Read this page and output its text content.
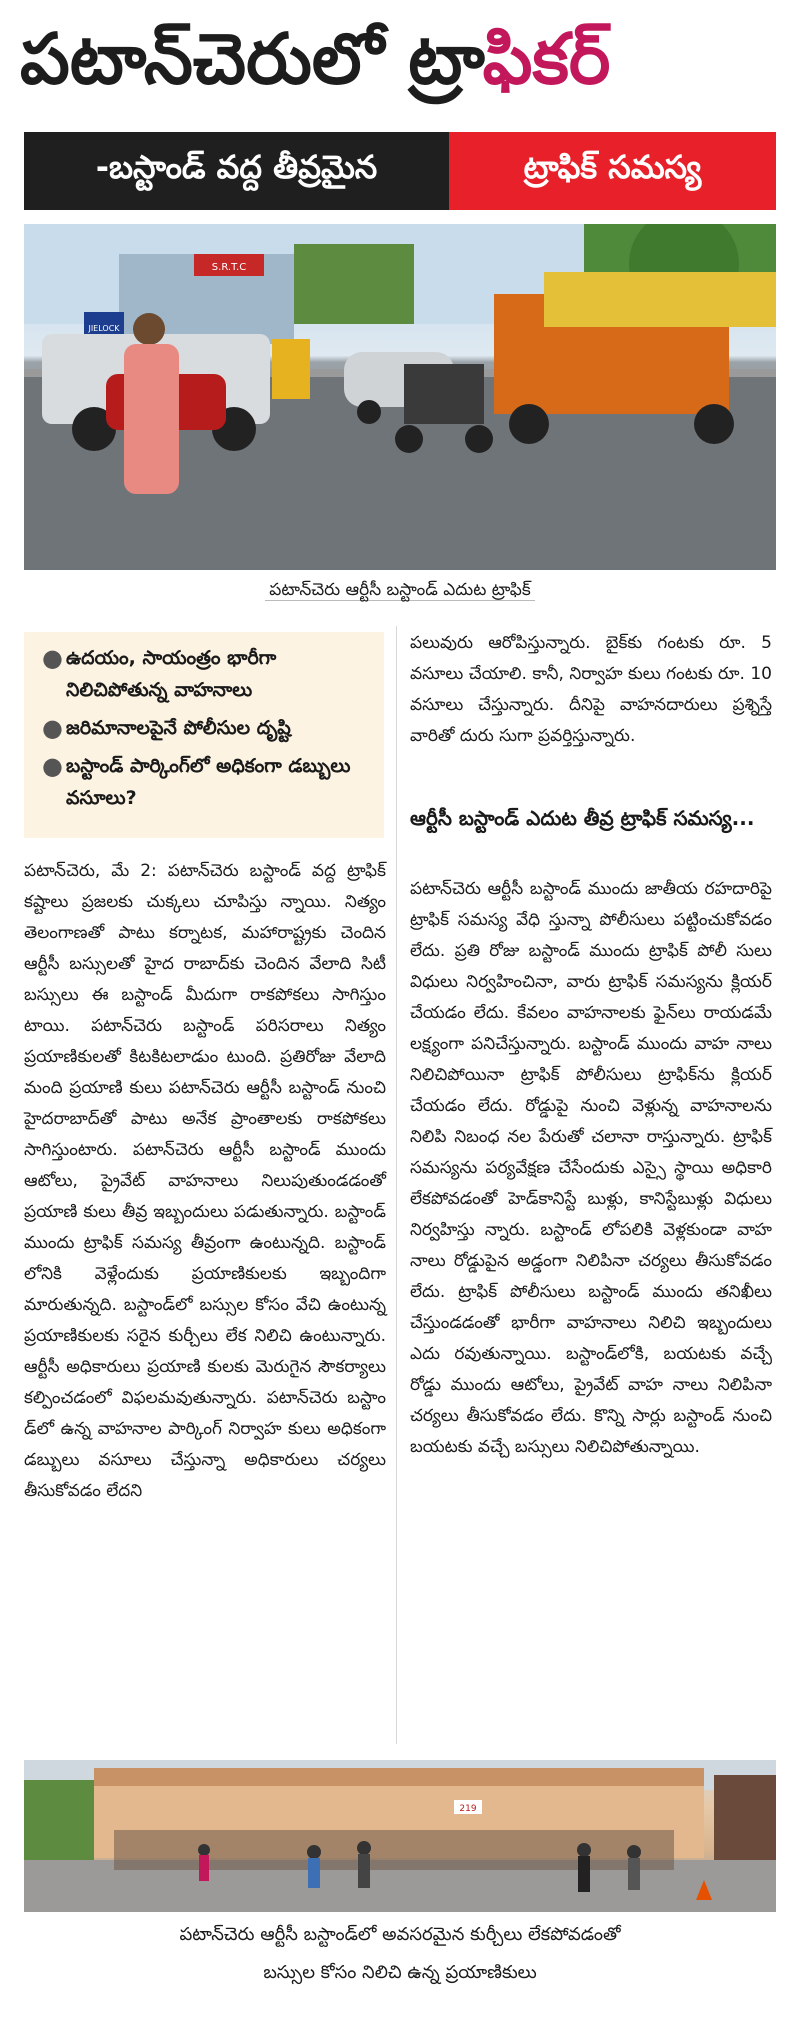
పటాన్‌చెరులో ట్రాఫికర్
-బస్టాండ్ వద్ద తీవ్రమైన	ట్రాఫిక్ సమస్య
S.R.T.C
JIELOCK
పటాన్‌చెరు ఆర్టీసీ బస్టాండ్ ఎదుట ట్రాఫిక్
● ఉదయం, సాయంత్రం భారీగా నిలిచిపోతున్న వాహనాలు
● జరిమానాలపైనే పోలీసుల దృష్టి
● బస్టాండ్ పార్కింగ్‌లో అధికంగా డబ్బులు వసూలు?

పటాన్‌చెరు, మే 2: పటాన్‌చెరు బస్టాండ్ వద్ద ట్రాఫిక్ కష్టాలు ప్రజలకు చుక్కలు చూపిస్తు న్నాయి. నిత్యం తెలంగాణతో పాటు కర్నాటక, మహారాష్ట్రకు చెందిన ఆర్టీసీ బస్సులతో హైద రాబాద్‌కు చెందిన వేలాది సిటీ బస్సులు ఈ బస్టాండ్ మీదుగా రాకపోకలు సాగిస్తుం టాయి. పటాన్‌చెరు బస్టాండ్ పరిసరాలు నిత్యం ప్రయాణికులతో కిటకిటలాడుం టుంది. ప్రతిరోజు వేలాది మంది ప్రయాణి కులు పటాన్‌చెరు ఆర్టీసీ బస్టాండ్ నుంచి హైదరాబాద్‌తో పాటు అనేక ప్రాంతాలకు రాకపోకలు సాగిస్తుంటారు. పటాన్‌చెరు ఆర్టీసీ బస్టాండ్ ముందు ఆటోలు, ప్రైవేట్ వాహనాలు నిలుపుతుండడంతో ప్రయాణి కులు తీవ్ర ఇబ్బందులు పడుతున్నారు. బస్టాండ్ ముందు ట్రాఫిక్ సమస్య తీవ్రంగా ఉంటున్నది. బస్టాండ్ లోనికి వెళ్లేందుకు ప్రయాణికులకు ఇబ్బందిగా మారుతున్నది. బస్టాండ్‌లో బస్సుల కోసం వేచి ఉంటున్న ప్రయాణికులకు సరైన కుర్చీలు లేక నిలిచి ఉంటున్నారు. ఆర్టీసీ అధికారులు ప్రయాణి కులకు మెరుగైన సౌకర్యాలు కల్పించడంలో విఫలమవుతున్నారు. పటాన్‌చెరు బస్టాం డ్‌లో ఉన్న వాహనాల పార్కింగ్ నిర్వాహ కులు అధికంగా డబ్బులు వసూలు చేస్తున్నా అధికారులు చర్యలు తీసుకోవడం లేదని

పలువురు ఆరోపిస్తున్నారు. బైక్‌కు గంటకు రూ. 5 వసూలు చేయాలి. కానీ, నిర్వాహ కులు గంటకు రూ. 10 వసూలు చేస్తున్నారు. దీనిపై వాహనదారులు ప్రశ్నిస్తే వారితో దురు సుగా ప్రవర్తిస్తున్నారు.

ఆర్టీసీ బస్టాండ్ ఎదుట తీవ్ర ట్రాఫిక్ సమస్య...

పటాన్‌చెరు ఆర్టీసీ బస్టాండ్ ముందు జాతీయ రహదారిపై ట్రాఫిక్ సమస్య వేధి స్తున్నా పోలీసులు పట్టించుకోవడం లేదు. ప్రతి రోజు బస్టాండ్ ముందు ట్రాఫిక్ పోలీ సులు విధులు నిర్వహించినా, వారు ట్రాఫిక్ సమస్యను క్లియర్ చేయడం లేదు. కేవలం వాహనాలకు ఫైన్‌లు రాయడమే లక్ష్యంగా పనిచేస్తున్నారు. బస్టాండ్ ముందు వాహ నాలు నిలిచిపోయినా ట్రాఫిక్ పోలీసులు ట్రాఫిక్‌ను క్లియర్ చేయడం లేదు. రోడ్డుపై నుంచి వెళ్లున్న వాహనాలను నిలిపి నిబంధ నల పేరుతో చలానా రాస్తున్నారు. ట్రాఫిక్ సమస్యను పర్యవేక్షణ చేసేందుకు ఎస్సై స్థాయి అధికారి లేకపోవడంతో హెడ్‌కానిస్టే బుళ్లు, కానిస్టేబుళ్లు విధులు నిర్వహిస్తు న్నారు. బస్టాండ్ లోపలికి వెళ్లకుండా వాహ నాలు రోడ్డుపైన అడ్డంగా నిలిపినా చర్యలు తీసుకోవడం లేదు. ట్రాఫిక్ పోలీసులు బస్టాండ్ ముందు తనిఖీలు చేస్తుండడంతో భారీగా వాహనాలు నిలిచి ఇబ్బందులు ఎదు రవుతున్నాయి. బస్టాండ్‌లోకి, బయటకు వచ్చే రోడ్డు ముందు ఆటోలు, ప్రైవేట్ వాహ నాలు నిలిపినా చర్యలు తీసుకోవడం లేదు. కొన్ని సార్లు బస్టాండ్ నుంచి బయటకు వచ్చే బస్సులు నిలిచిపోతున్నాయి.

219
పటాన్‌చెరు ఆర్టీసీ బస్టాండ్‌లో అవసరమైన కుర్చీలు లేకపోవడంతో
బస్సుల కోసం నిలిచి ఉన్న ప్రయాణికులు
